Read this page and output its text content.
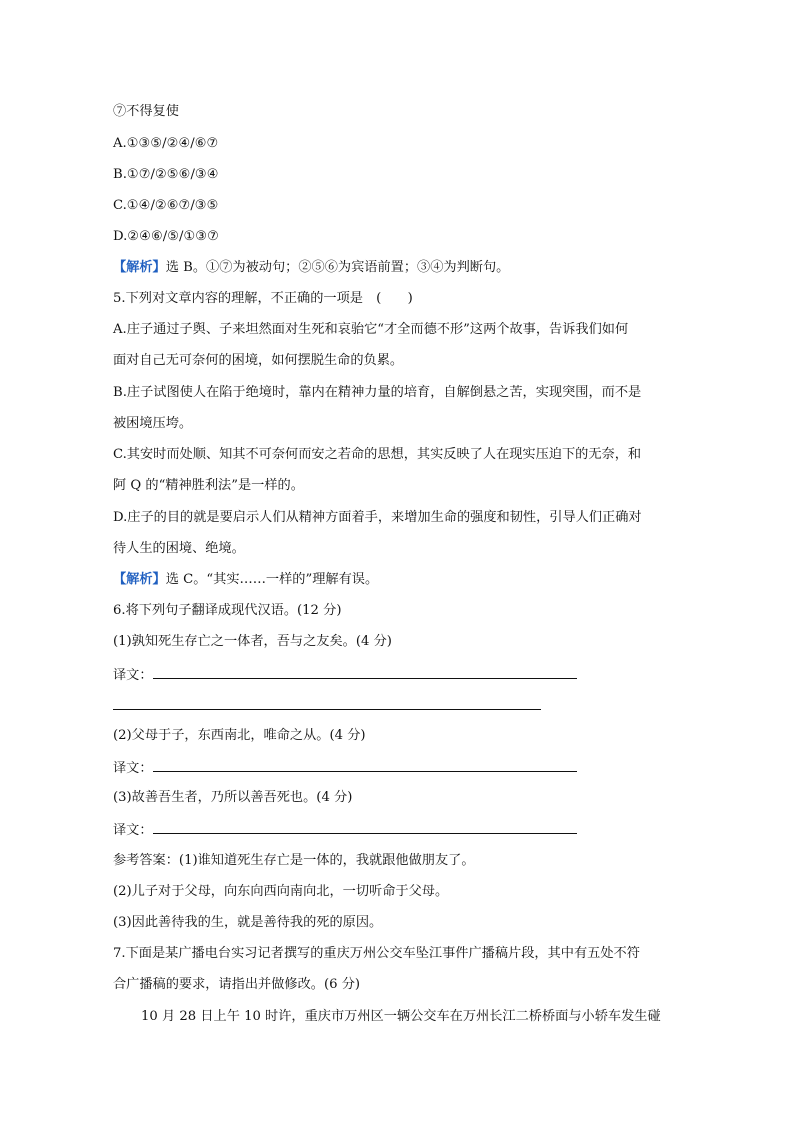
⑦不得复使
A.①③⑤/②④/⑥⑦
B.①⑦/②⑤⑥/③④
C.①④/②⑥⑦/③⑤
D.②④⑥/⑤/①③⑦
【解析】选 B。①⑦为被动句；②⑤⑥为宾语前置；③④为判断句。
5.下列对文章内容的理解，不正确的一项是　(　　)
A.庄子通过子舆、子来坦然面对生死和哀骀它“才全而德不形”这两个故事，告诉我们如何
面对自己无可奈何的困境，如何摆脱生命的负累。
B.庄子试图使人在陷于绝境时，靠内在精神力量的培育，自解倒悬之苦，实现突围，而不是
被困境压垮。
C.其安时而处顺、知其不可奈何而安之若命的思想，其实反映了人在现实压迫下的无奈，和
阿 Q 的“精神胜利法”是一样的。
D.庄子的目的就是要启示人们从精神方面着手，来增加生命的强度和韧性，引导人们正确对
待人生的困境、绝境。
【解析】选 C。“其实……一样的”理解有误。
6.将下列句子翻译成现代汉语。(12 分)
(1)孰知死生存亡之一体者，吾与之友矣。(4 分)
译文：
(2)父母于子，东西南北，唯命之从。(4 分)
译文：
(3)故善吾生者，乃所以善吾死也。(4 分)
译文：
参考答案：(1)谁知道死生存亡是一体的，我就跟他做朋友了。
(2)儿子对于父母，向东向西向南向北，一切听命于父母。
(3)因此善待我的生，就是善待我的死的原因。
7.下面是某广播电台实习记者撰写的重庆万州公交车坠江事件广播稿片段，其中有五处不符
合广播稿的要求，请指出并做修改。(6 分)
10 月 28 日上午 10 时许，重庆市万州区一辆公交车在万州长江二桥桥面与小轿车发生碰
